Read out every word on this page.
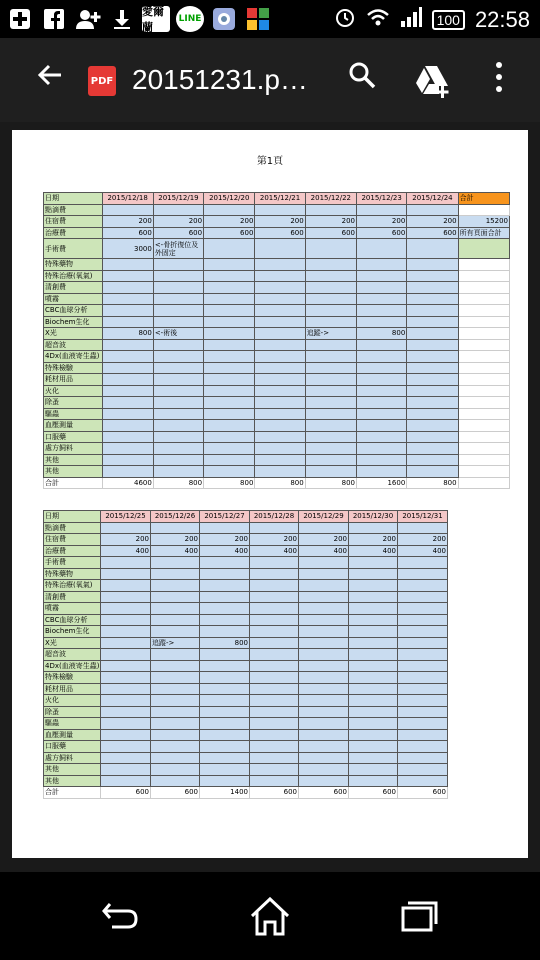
愛爾蘭
LINE	100 22:58
PDF 20151231.p…
第1頁
日期	2015/12/18	2015/12/19	2015/12/20	2015/12/21	2015/12/22	2015/12/23	2015/12/24	合計
點滴費								
住宿費	200	200	200	200	200	200	200	15200
治療費	600	600	600	600	600	600	600	所有頁面合計
手術費	3000	<-骨折復位及外固定						
特殊藥物								
特殊治療(氧氣)								
清創費								
噴霧								
CBC血球分析								
Biochem生化								
X光	800	<-術後			追蹤->	800		
超音波								
4Dx(血液寄生蟲)								
特殊檢驗								
耗材用品								
火化								
除蚤								
驅蟲								
血壓測量								
口服藥								
處方飼料								
其他								
其他								
合計	4600	800	800	800	800	1600	800	
日期	2015/12/25	2015/12/26	2015/12/27	2015/12/28	2015/12/29	2015/12/30	2015/12/31
點滴費							
住宿費	200	200	200	200	200	200	200
治療費	400	400	400	400	400	400	400
手術費							
特殊藥物							
特殊治療(氧氣)							
清創費							
噴霧							
CBC血球分析							
Biochem生化							
X光		追蹤->	800				
超音波							
4Dx(血液寄生蟲)							
特殊檢驗							
耗材用品							
火化							
除蚤							
驅蟲							
血壓測量							
口服藥							
處方飼料							
其他							
其他							
合計	600	600	1400	600	600	600	600
